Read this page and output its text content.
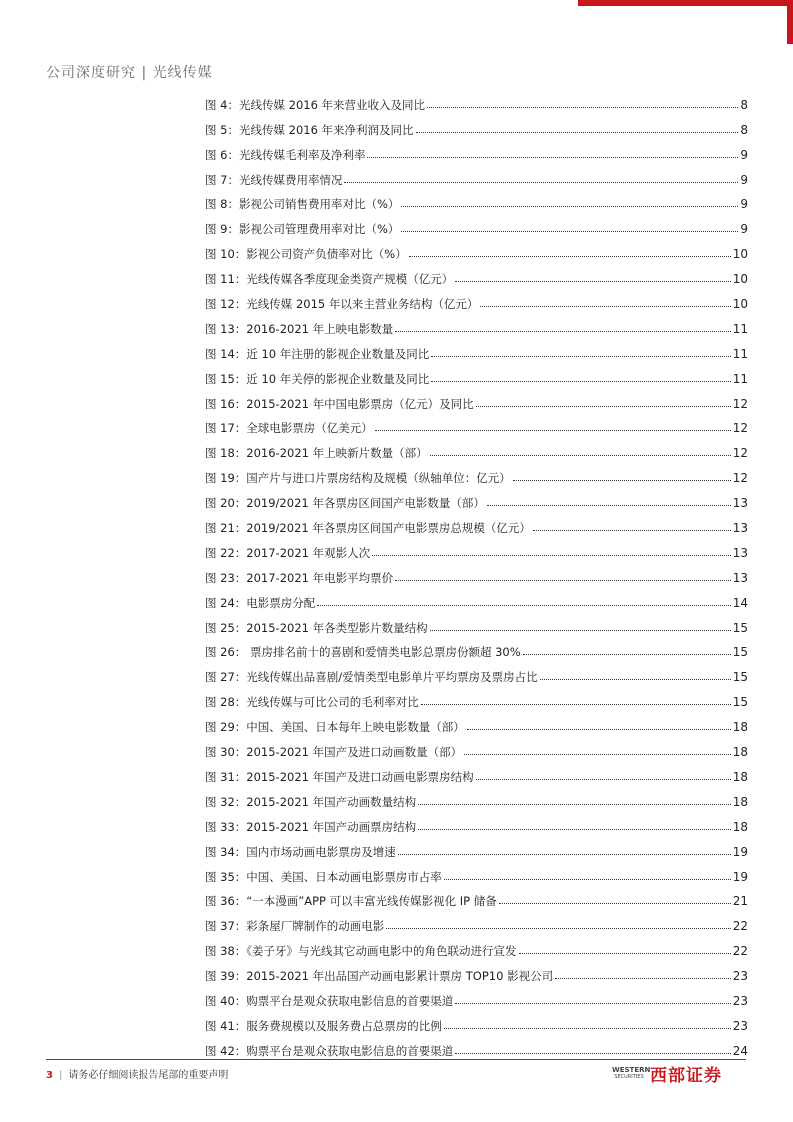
公司深度研究 | 光线传媒
图 4：光线传媒 2016 年来营业收入及同比	8
图 5：光线传媒 2016 年来净利润及同比	8
图 6：光线传媒毛利率及净利率	9
图 7：光线传媒费用率情况	9
图 8：影视公司销售费用率对比（%）	9
图 9：影视公司管理费用率对比（%）	9
图 10：影视公司资产负债率对比（%）	10
图 11：光线传媒各季度现金类资产规模（亿元）	10
图 12：光线传媒 2015 年以来主营业务结构（亿元）	10
图 13：2016-2021 年上映电影数量	11
图 14：近 10 年注册的影视企业数量及同比	11
图 15：近 10 年关停的影视企业数量及同比	11
图 16：2015-2021 年中国电影票房（亿元）及同比	12
图 17：全球电影票房（亿美元）	12
图 18：2016-2021 年上映新片数量（部）	12
图 19：国产片与进口片票房结构及规模（纵轴单位：亿元）	12
图 20：2019/2021 年各票房区间国产电影数量（部）	13
图 21：2019/2021 年各票房区间国产电影票房总规模（亿元）	13
图 22：2017-2021 年观影人次	13
图 23：2017-2021 年电影平均票价	13
图 24：电影票房分配	14
图 25：2015-2021 年各类型影片数量结构	15
图 26： 票房排名前十的喜剧和爱情类电影总票房份额超 30%	15
图 27：光线传媒出品喜剧/爱情类型电影单片平均票房及票房占比	15
图 28：光线传媒与可比公司的毛利率对比	15
图 29：中国、美国、日本每年上映电影数量（部）	18
图 30：2015-2021 年国产及进口动画数量（部）	18
图 31：2015-2021 年国产及进口动画电影票房结构	18
图 32：2015-2021 年国产动画数量结构	18
图 33：2015-2021 年国产动画票房结构	18
图 34：国内市场动画电影票房及增速	19
图 35：中国、美国、日本动画电影票房市占率	19
图 36：“一本漫画”APP 可以丰富光线传媒影视化 IP 储备	21
图 37：彩条屋厂牌制作的动画电影	22
图 38：《姜子牙》与光线其它动画电影中的角色联动进行宣发	22
图 39：2015-2021 年出品国产动画电影累计票房 TOP10 影视公司	23
图 40：购票平台是观众获取电影信息的首要渠道	23
图 41：服务费规模以及服务费占总票房的比例	23
图 42：购票平台是观众获取电影信息的首要渠道	24
3 | 请务必仔细阅读报告尾部的重要声明	WESTERN
SECURITIES 西部证券
